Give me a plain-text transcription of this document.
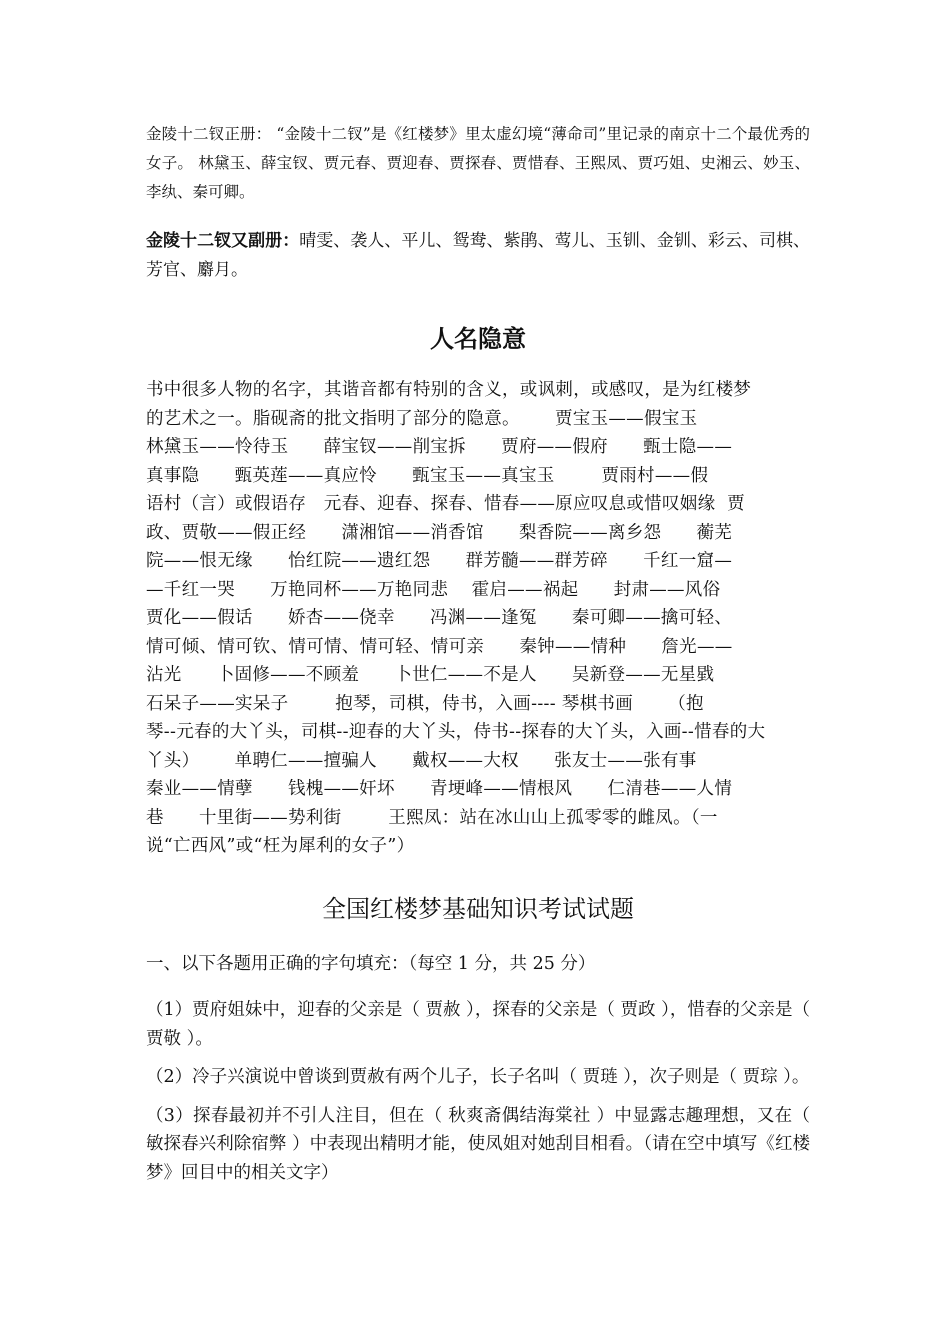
金陵十二钗正册： “金陵十二钗”是《红楼梦》里太虚幻境“薄命司”里记录的南京十二个最优秀的女子。 林黛玉、薛宝钗、贾元春、贾迎春、贾探春、贾惜春、王熙凤、贾巧姐、史湘云、妙玉、李纨、秦可卿。

金陵十二钗又副册：晴雯、袭人、平儿、鸳鸯、紫鹃、莺儿、玉钏、金钏、彩云、司棋、芳官、麝月。

人名隐意
书中很多人物的名字，其谐音都有特别的含义，或讽刺，或感叹，是为红楼梦
的艺术之一。脂砚斋的批文指明了部分的隐意。      贾宝玉——假宝玉
林黛玉——怜待玉      薛宝钗——削宝拆      贾府——假府      甄士隐——
真事隐      甄英莲——真应怜      甄宝玉——真宝玉        贾雨村——假
语村（言）或假语存   元春、迎春、探春、惜春——原应叹息或惜叹姻缘  贾
政、贾敬——假正经      潇湘馆——消香馆      梨香院——离乡怨      蘅芜
院——恨无缘      怡红院——遗红怨      群芳髓——群芳碎      千红一窟—
—千红一哭      万艳同杯——万艳同悲    霍启——祸起      封肃——风俗
贾化——假话      娇杏——侥幸      冯渊——逢冤      秦可卿——擒可轻、
情可倾、情可钦、情可情、情可轻、情可亲      秦钟——情种      詹光——
沾光      卜固修——不顾羞      卜世仁——不是人      吴新登——无星戥
石呆子——实呆子        抱琴，司棋，侍书，入画---- 琴棋书画      （抱
琴--元春的大丫头，司棋--迎春的大丫头，侍书--探春的大丫头，入画--惜春的大
丫头）      单聘仁——擅骗人      戴权——大权      张友士——张有事
秦业——情孽      钱槐——奸坏      青埂峰——情根风      仁清巷——人情
巷      十里街——势利街        王熙凤：站在冰山山上孤零零的雌凤。（一
说“亡西风”或“枉为犀利的女子”）
全国红楼梦基础知识考试试题

一、以下各题用正确的字句填充：（每空 1 分，共 25 分）

（1）贾府姐妹中，迎春的父亲是（ 贾赦 ），探春的父亲是（ 贾政 ），惜春的父亲是（ 贾敬 ）。

（2）冷子兴演说中曾谈到贾赦有两个儿子，长子名叫（ 贾琏 ），次子则是（ 贾琮 ）。

（3）探春最初并不引人注目，但在（ 秋爽斋偶结海棠社 ）中显露志趣理想，又在（ 敏探春兴利除宿弊 ）中表现出精明才能，使凤姐对她刮目相看。（请在空中填写《红楼梦》回目中的相关文字）
